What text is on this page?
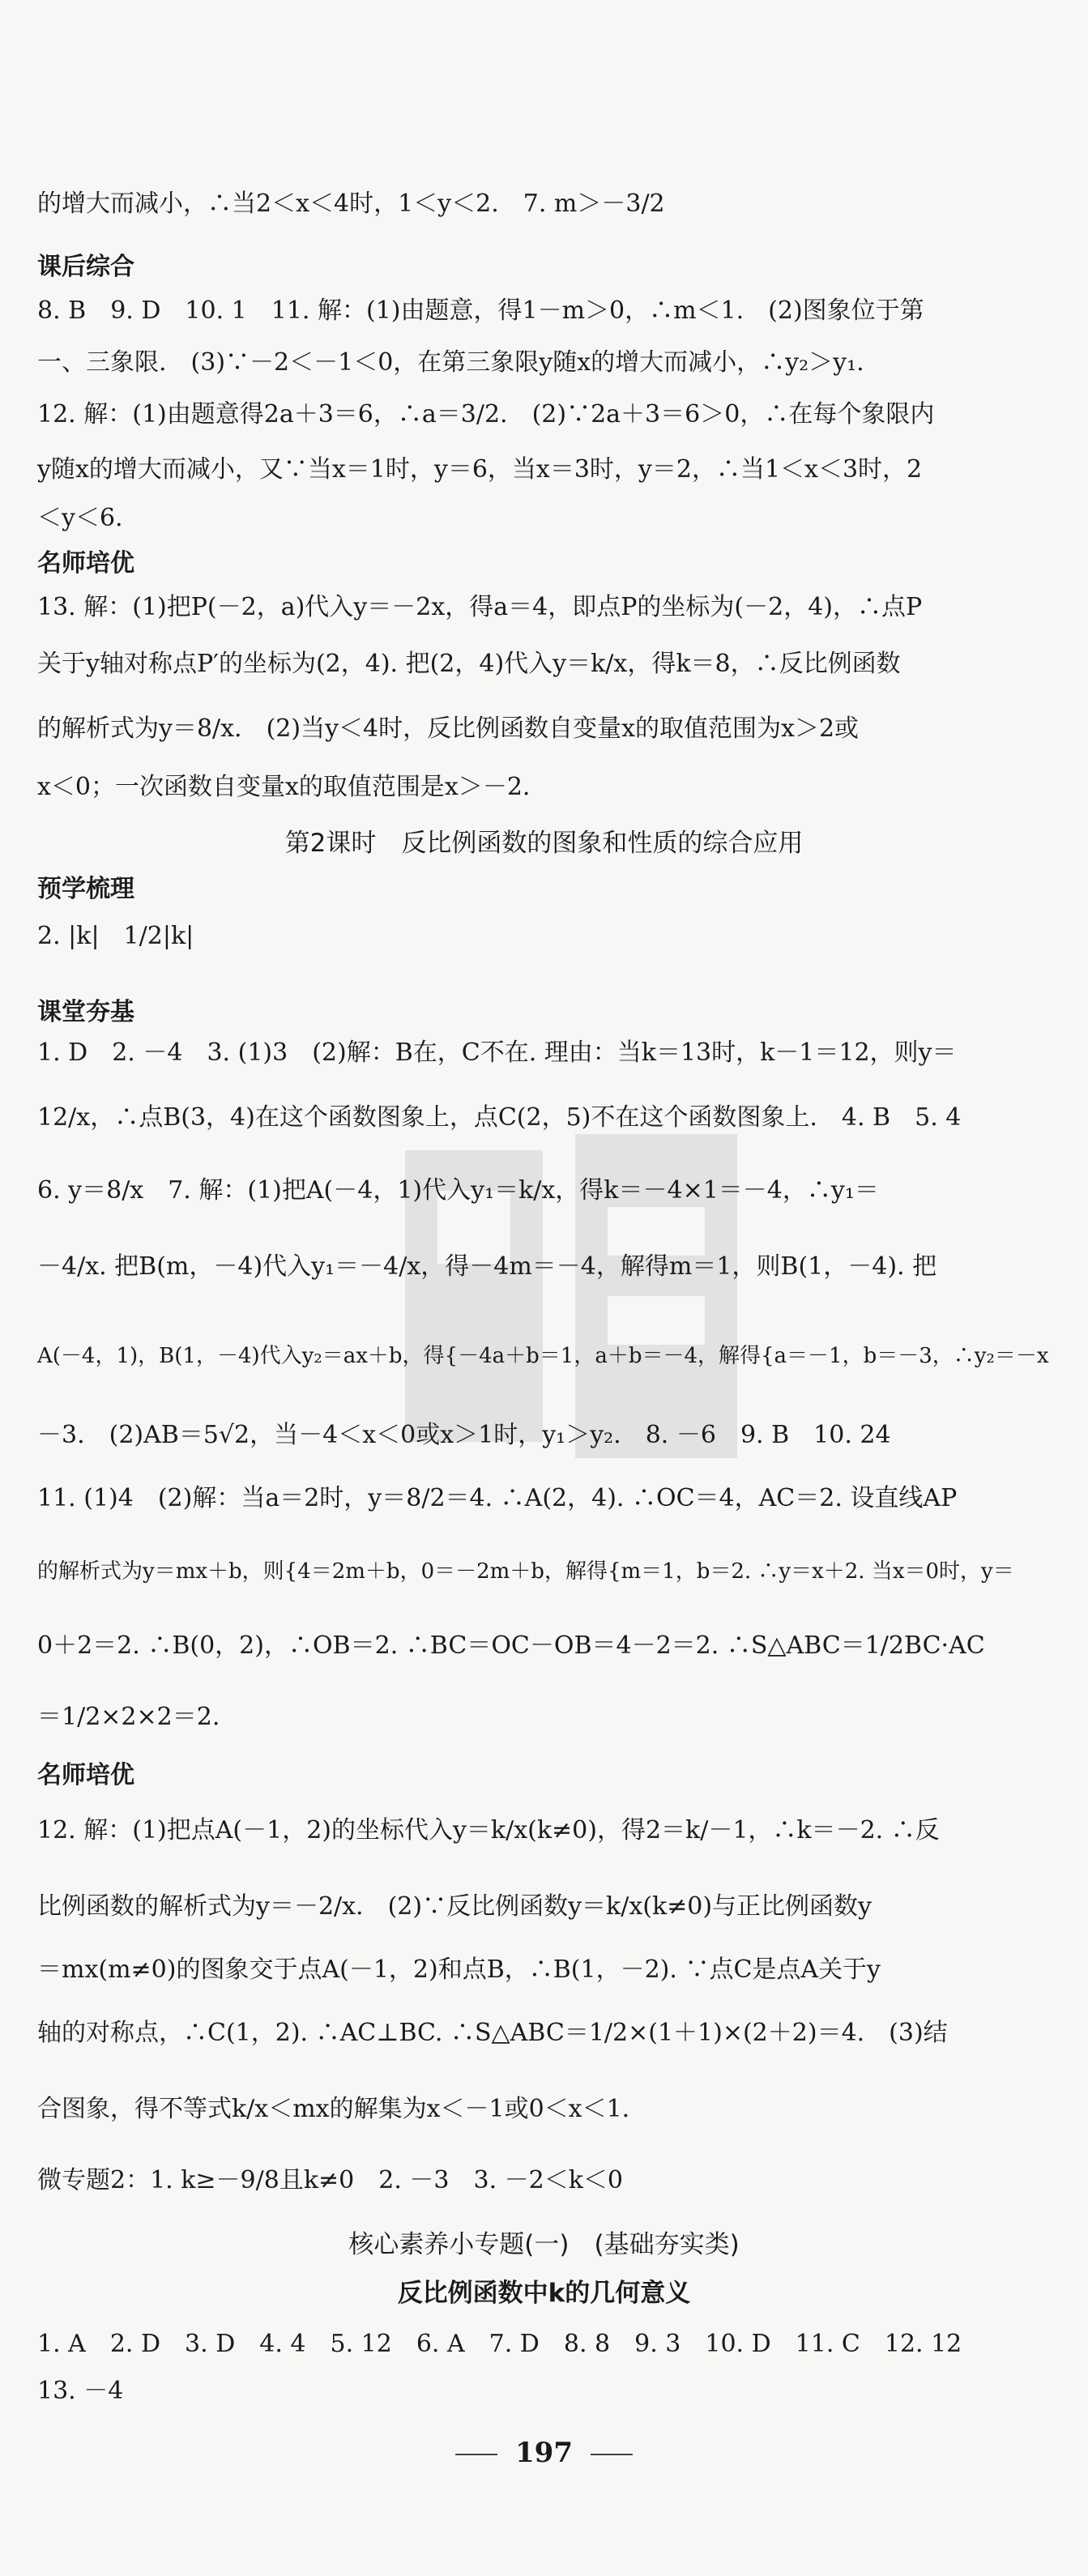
的增大而减小，∴当2＜x＜4时，1＜y＜2.　7. m＞－3/2
课后综合
8. B　9. D　10. 1　11. 解：(1)由题意，得1－m＞0，∴m＜1.　(2)图象位于第
一、三象限.　(3)∵－2＜－1＜0，在第三象限y随x的增大而减小，∴y₂＞y₁.
12. 解：(1)由题意得2a＋3＝6，∴a＝3/2.　(2)∵2a＋3＝6＞0，∴在每个象限内
y随x的增大而减小，又∵当x＝1时，y＝6，当x＝3时，y＝2，∴当1＜x＜3时，2
＜y＜6.
名师培优
13. 解：(1)把P(－2，a)代入y＝－2x，得a＝4，即点P的坐标为(－2，4)，∴点P
关于y轴对称点P′的坐标为(2，4). 把(2，4)代入y＝k/x，得k＝8，∴反比例函数
的解析式为y＝8/x.　(2)当y＜4时，反比例函数自变量x的取值范围为x＞2或
x＜0；一次函数自变量x的取值范围是x＞－2.
第2课时　反比例函数的图象和性质的综合应用
预学梳理
2. |k|　1/2|k|
课堂夯基
1. D　2. －4　3. (1)3　(2)解：B在，C不在. 理由：当k＝13时，k－1＝12，则y＝
12/x，∴点B(3，4)在这个函数图象上，点C(2，5)不在这个函数图象上.　4. B　5. 4
6. y＝8/x　7. 解：(1)把A(－4，1)代入y₁＝k/x，得k＝－4×1＝－4，∴y₁＝
－4/x. 把B(m，－4)代入y₁＝－4/x，得－4m＝－4，解得m＝1，则B(1，－4). 把
A(－4，1)，B(1，－4)代入y₂＝ax＋b，得{－4a＋b＝1，a＋b＝－4，解得{a＝－1，b＝－3，∴y₂＝－x
－3.　(2)AB＝5√2，当－4＜x＜0或x＞1时，y₁＞y₂.　8. －6　9. B　10. 24
11. (1)4　(2)解：当a＝2时，y＝8/2＝4. ∴A(2，4). ∴OC＝4，AC＝2. 设直线AP
的解析式为y＝mx＋b，则{4＝2m＋b，0＝－2m＋b，解得{m＝1，b＝2. ∴y＝x＋2. 当x＝0时，y＝
0＋2＝2. ∴B(0，2)，∴OB＝2. ∴BC＝OC－OB＝4－2＝2. ∴S△ABC＝1/2BC·AC
＝1/2×2×2＝2.
名师培优
12. 解：(1)把点A(－1，2)的坐标代入y＝k/x(k≠0)，得2＝k/－1，∴k＝－2. ∴反
比例函数的解析式为y＝－2/x.　(2)∵反比例函数y＝k/x(k≠0)与正比例函数y
＝mx(m≠0)的图象交于点A(－1，2)和点B，∴B(1，－2). ∵点C是点A关于y
轴的对称点，∴C(1，2). ∴AC⊥BC. ∴S△ABC＝1/2×(1＋1)×(2＋2)＝4.　(3)结
合图象，得不等式k/x＜mx的解集为x＜－1或0＜x＜1.
微专题2：1. k≥－9/8且k≠0　2. －3　3. －2＜k＜0
核心素养小专题(一)　(基础夯实类)
反比例函数中k的几何意义
1. A　2. D　3. D　4. 4　5. 12　6. A　7. D　8. 8　9. 3　10. D　11. C　12. 12
13. －4
197
